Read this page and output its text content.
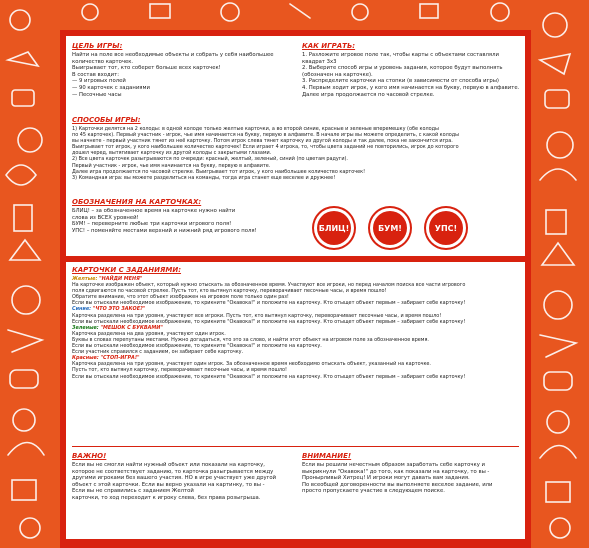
ЦЕЛЬ ИГРЫ:

Найти на поле все необходимые объекты и собрать у себя наибольшее

количество карточек.

Выигрывает тот, кто соберет больше всех карточек!

В состав входит:

— 9 игровых полей

— 90 карточек с заданиями

— Песочные часы

КАК ИГРАТЬ:

1. Разложите игровое поле так, чтобы карты с объектами составляли

квадрат 3х3

2. Выберите способ игры и уровень задания, которое будут выполнять

(обозначен на карточке).

3. Распределите карточки на стопки (в зависимости от способа игры)

4. Первым ходит игрок, у кого имя начинается на букву, первую в алфавите.

Далее игра продолжается по часовой стрелке.

СПОСОБЫ ИГРЫ:

1) Карточки делятся на 2 колоды: в одной колоде только желтые карточки, а во второй синие, красные и зеленые вперемешку (обе колоды

по 45 карточек). Первый участник - игрок, чье имя начинается на букву, первую в алфавите. В начале игры вы можете определить, с какой колоды

вы начнете - первый участник тянет из неё карточку. Потом игрок слева тянет карточку из другой колоды и так далее, пока не закончится игра.

Выигрывает тот игрок, у кого наибольшее количество карточек! Если играет 4 игрока, то, чтобы цвета заданий не повторились, игрок до которого

дошел черед, вытягивает карточку из другой колоды с закрытыми глазами.

2) Все цвета карточек разыгрываются по очереди: красный, желтый, зеленый, синий (по цветам радуги).

Первый участник - игрок, чье имя начинается на букву, первую в алфавите.

Далее игра продолжается по часовой стрелке. Выигрывает тот игрок, у кого наибольшее количество карточек!

3) Командная игра: вы можете разделиться на команды, тогда игра станет еще веселее и дружнее!

ОБОЗНАЧЕНИЯ НА КАРТОЧКАХ:

БЛИЦ! – за обозначенное время на карточке нужно найти

слова из ВСЕХ уровней!

БУМ! – переверните любые три карточки игрового поля!

УПС! – поменяйте местами верхний и нижний ряд игрового поля!	БЛИЦ!	БУМ!	УПС!
КАРТОЧКИ С ЗАДАНИЯМИ:

Желтые: "НАЙДИ МЕНЯ"

На карточке изображен объект, который нужно отыскать за обозначенное время. Участвуют все игроки, но перед началом поиска все части игрового

поля сдвигаются по часовой стрелке. Пусть тот, кто вытянул карточку, переворачивает песочные часы, и время пошло!

Обратите внимание, что этот объект изображен на игровом поле только один раз!

Если вы отыскали необходимое изображение, то крикните "Окавока!" и положите на карточку. Кто отыщет объект первым – забирает себе карточку!

Синие: "ЧТО ЭТО ЗАКОЕ?"

Карточка разделена на три уровня, участвуют все игроки. Пусть тот, кто вытянул карточку, переворачивает песочные часы, и время пошло!

Если вы отыскали необходимое изображение, то крикните "Окавока!" и положите на карточку. Кто отыщет объект первым – забирает себе карточку!

Зеленые: "МЕШОК С БУКВАМИ"

Карточка разделена на два уровня, участвуют один игрок.

Буквы в словах перепутаны местами. Нужно догадаться, что это за слово, и найти этот объект на игровом поле за обозначенное время.

Если вы отыскали необходимое изображение, то крикните "Окавока!" и положите на карточку.

Если участник справился с заданием, он забирает себе карточку.

Красные: "СТОП-ИГРА!"

Карточка разделена на три уровня, участвует один игрок. За обозначенное время необходимо отыскать объект, указанный на карточке.

Пусть тот, кто вытянул карточку, переворачивает песочные часы, и время пошло!

Если вы отыскали необходимое изображение, то крикните "Окавока!" и положите на карточку. Кто отыщет объект первым – забирает себе карточку!

ВАЖНО!

Если вы не смогли найти нужный объект или показали на карточку,

которое не соответствует заданию, то карточка разыгрывается между

другими игроками без вашего участия. НО в игре участвует уже другой

объект с этой карточки. Если вы верно указали на картинку, то вы -

Если вы не справились с заданием Желтой

карточки, то ход переходит к игроку слева, без права розыгрыша.

ВНИМАНИЕ!

Если вы решили нечестным образом заработать себе карточку и

выкрикнули "Окавока!" до того, как показали на карточку, то вы -

Пронырливый Хитрец! И игроки могут давать вам задания.

По всеобщей договоренности вы выполняете веселое задание, или

просто пропускаете участие в следующем поиске.
